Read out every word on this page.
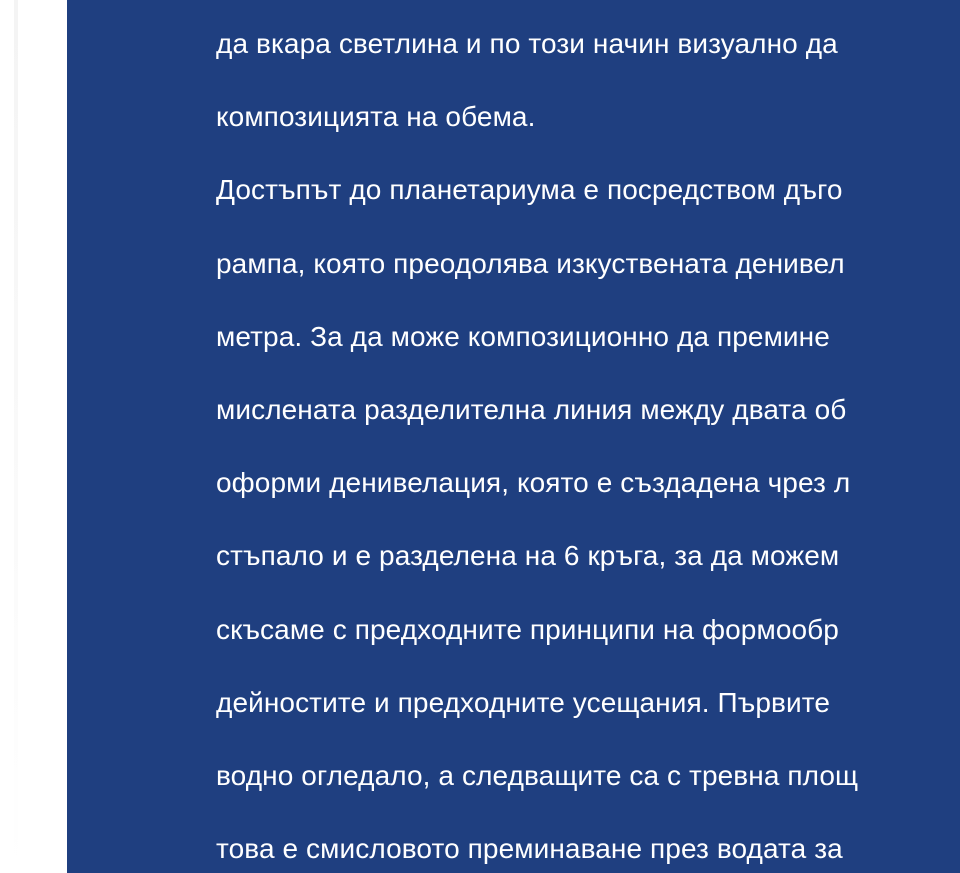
да вкара светлина и по този начин визуално да
композицията на обема.
Достъпът до планетариума е посредством дъго
рампа, която преодолява изкуствената денивел
метра. За да може композиционно да премине
мислената разделителна линия между двата об
оформи денивелация, която е създадена чрез л
стъпало и е разделена на 6 кръга, за да можем
скъсаме с предходните принципи на формообр
дейностите и предходните усещания. Първите
водно огледало, а следващите са с тревна площ
това е смисловото преминаване през водата за
